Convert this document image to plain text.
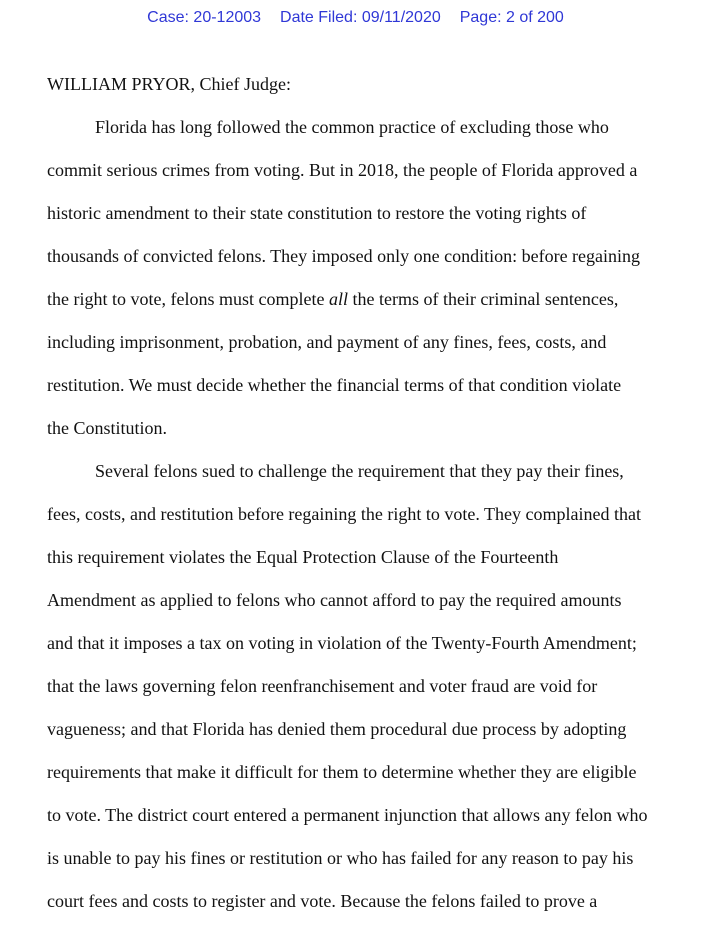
Case: 20-12003 Date Filed: 09/11/2020 Page: 2 of 200
WILLIAM PRYOR, Chief Judge:
Florida has long followed the common practice of excluding those who
commit serious crimes from voting. But in 2018, the people of Florida approved a
historic amendment to their state constitution to restore the voting rights of
thousands of convicted felons. They imposed only one condition: before regaining
the right to vote, felons must complete all the terms of their criminal sentences,
including imprisonment, probation, and payment of any fines, fees, costs, and
restitution. We must decide whether the financial terms of that condition violate
the Constitution.
Several felons sued to challenge the requirement that they pay their fines,
fees, costs, and restitution before regaining the right to vote. They complained that
this requirement violates the Equal Protection Clause of the Fourteenth
Amendment as applied to felons who cannot afford to pay the required amounts
and that it imposes a tax on voting in violation of the Twenty-Fourth Amendment;
that the laws governing felon reenfranchisement and voter fraud are void for
vagueness; and that Florida has denied them procedural due process by adopting
requirements that make it difficult for them to determine whether they are eligible
to vote. The district court entered a permanent injunction that allows any felon who
is unable to pay his fines or restitution or who has failed for any reason to pay his
court fees and costs to register and vote. Because the felons failed to prove a
